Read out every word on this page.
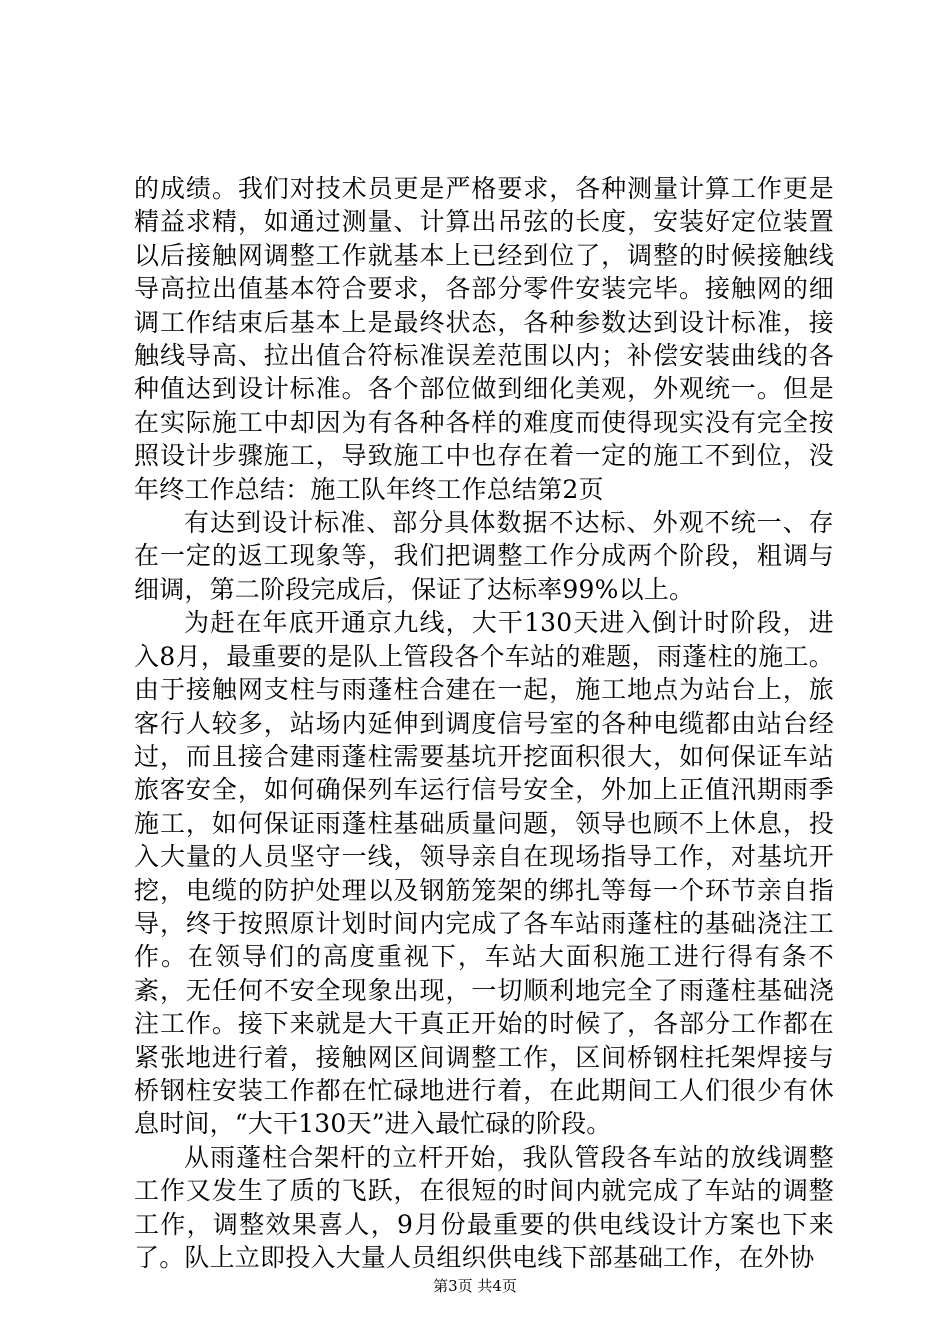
的成绩。我们对技术员更是严格要求，各种测量计算工作更是精益求精，如通过测量、计算出吊弦的长度，安装好定位装置以后接触网调整工作就基本上已经到位了，调整的时候接触线导高拉出值基本符合要求，各部分零件安装完毕。接触网的细调工作结束后基本上是最终状态，各种参数达到设计标准，接触线导高、拉出值合符标准误差范围以内；补偿安装曲线的各种值达到设计标准。各个部位做到细化美观，外观统一。但是在实际施工中却因为有各种各样的难度而使得现实没有完全按照设计步骤施工，导致施工中也存在着一定的施工不到位，没年终工作总结：施工队年终工作总结第2页

有达到设计标准、部分具体数据不达标、外观不统一、存在一定的返工现象等，我们把调整工作分成两个阶段，粗调与细调，第二阶段完成后，保证了达标率99%以上。

为赶在年底开通京九线，大干130天进入倒计时阶段，进入8月，最重要的是队上管段各个车站的难题，雨蓬柱的施工。由于接触网支柱与雨蓬柱合建在一起，施工地点为站台上，旅客行人较多，站场内延伸到调度信号室的各种电缆都由站台经过，而且接合建雨蓬柱需要基坑开挖面积很大，如何保证车站旅客安全，如何确保列车运行信号安全，外加上正值汛期雨季施工，如何保证雨蓬柱基础质量问题，领导也顾不上休息，投入大量的人员坚守一线，领导亲自在现场指导工作，对基坑开挖，电缆的防护处理以及钢筋笼架的绑扎等每一个环节亲自指导，终于按照原计划时间内完成了各车站雨蓬柱的基础浇注工作。在领导们的高度重视下，车站大面积施工进行得有条不紊，无任何不安全现象出现，一切顺利地完全了雨蓬柱基础浇注工作。接下来就是大干真正开始的时候了，各部分工作都在紧张地进行着，接触网区间调整工作，区间桥钢柱托架焊接与桥钢柱安装工作都在忙碌地进行着，在此期间工人们很少有休息时间，“大干130天”进入最忙碌的阶段。

从雨蓬柱合架杆的立杆开始，我队管段各车站的放线调整工作又发生了质的飞跃，在很短的时间内就完成了车站的调整工作，调整效果喜人，9月份最重要的供电线设计方案也下来了。队上立即投入大量人员组织供电线下部基础工作，在外协

第3页 共4页
